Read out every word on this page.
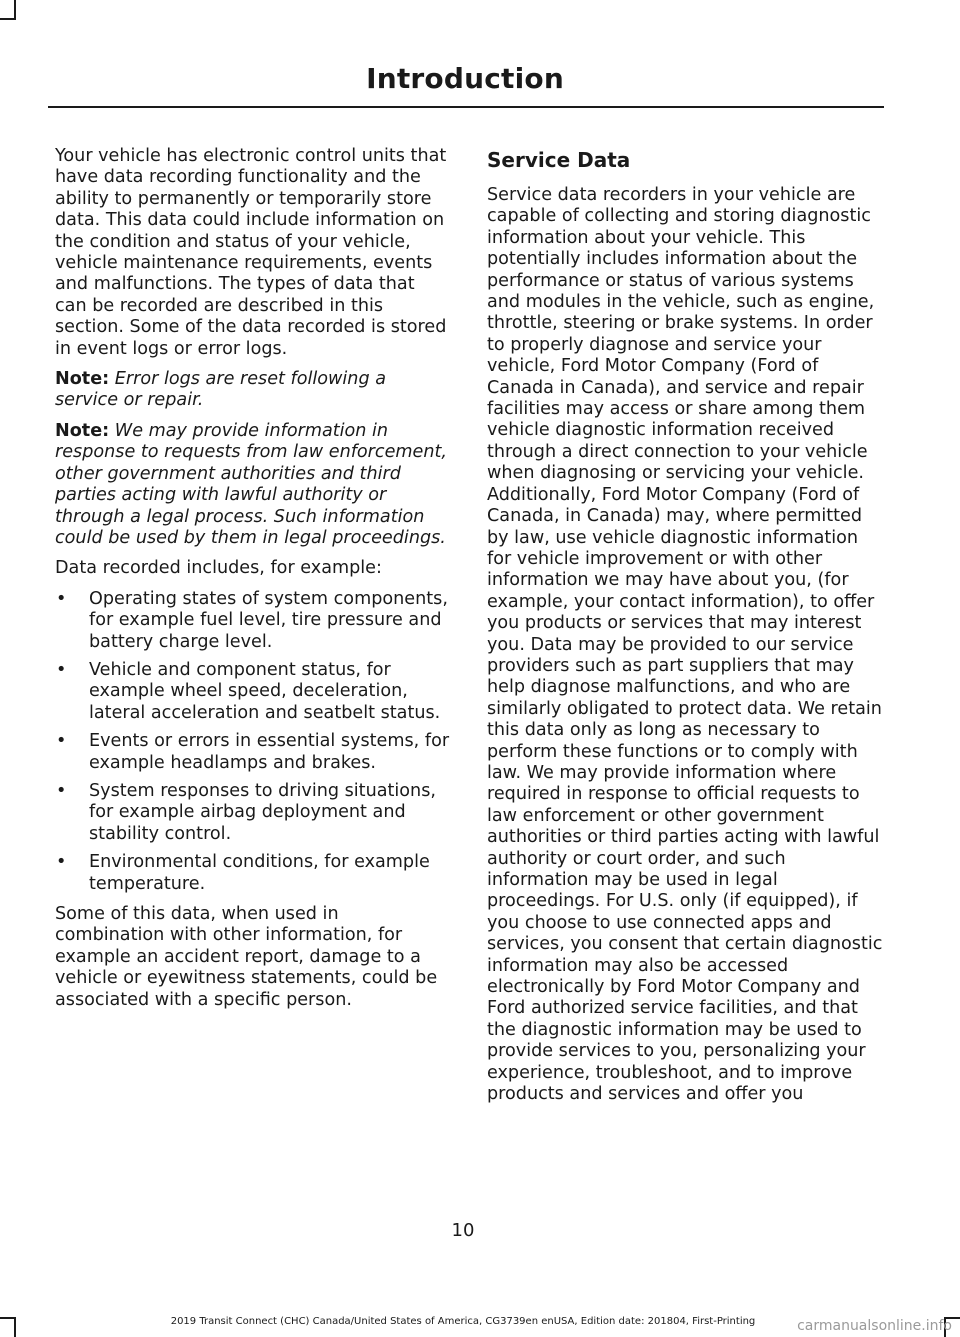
Introduction

Your vehicle has electronic control units that have data recording functionality and the ability to permanently or temporarily store data. This data could include information on the condition and status of your vehicle, vehicle maintenance requirements, events and malfunctions. The types of data that can be recorded are described in this section. Some of the data recorded is stored in event logs or error logs.

Note: Error logs are reset following a service or repair.

Note: We may provide information in response to requests from law enforcement, other government authorities and third parties acting with lawful authority or through a legal process. Such information could be used by them in legal proceedings.

Data recorded includes, for example:

• Operating states of system components, for example fuel level, tire pressure and battery charge level.
• Vehicle and component status, for example wheel speed, deceleration, lateral acceleration and seatbelt status.
• Events or errors in essential systems, for example headlamps and brakes.
• System responses to driving situations, for example airbag deployment and stability control.
• Environmental conditions, for example temperature.

Some of this data, when used in combination with other information, for example an accident report, damage to a vehicle or eyewitness statements, could be associated with a specific person.

Service Data

Service data recorders in your vehicle are capable of collecting and storing diagnostic information about your vehicle. This potentially includes information about the performance or status of various systems and modules in the vehicle, such as engine, throttle, steering or brake systems. In order to properly diagnose and service your vehicle, Ford Motor Company (Ford of Canada in Canada), and service and repair facilities may access or share among them vehicle diagnostic information received through a direct connection to your vehicle when diagnosing or servicing your vehicle. Additionally, Ford Motor Company (Ford of Canada, in Canada) may, where permitted by law, use vehicle diagnostic information for vehicle improvement or with other information we may have about you, (for example, your contact information), to offer you products or services that may interest you. Data may be provided to our service providers such as part suppliers that may help diagnose malfunctions, and who are similarly obligated to protect data. We retain this data only as long as necessary to perform these functions or to comply with law. We may provide information where required in response to official requests to law enforcement or other government authorities or third parties acting with lawful authority or court order, and such information may be used in legal proceedings. For U.S. only (if equipped), if you choose to use connected apps and services, you consent that certain diagnostic information may also be accessed electronically by Ford Motor Company and Ford authorized service facilities, and that the diagnostic information may be used to provide services to you, personalizing your experience, troubleshoot, and to improve products and services and offer you

10
2019 Transit Connect (CHC) Canada/United States of America, CG3739en enUSA, Edition date: 201804, First-Printing	carmanualsonline.info
